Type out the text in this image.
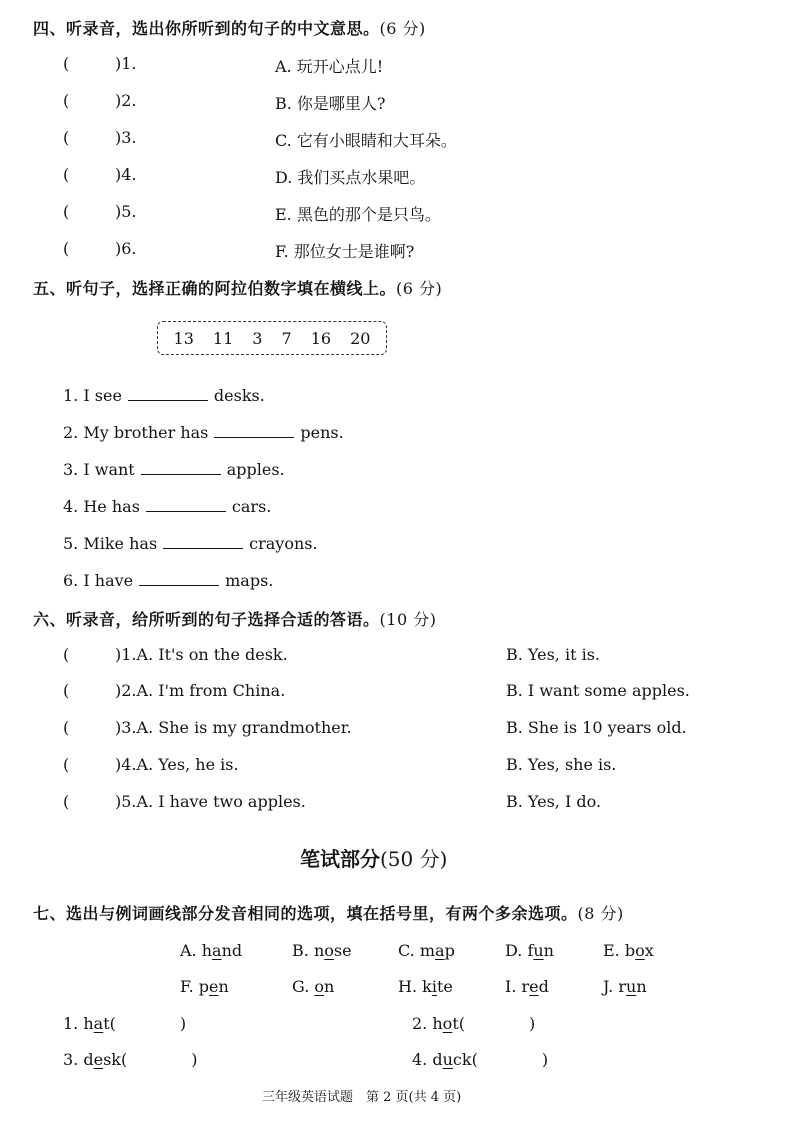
四、听录音，选出你所听到的句子的中文意思。(6 分)
(	)1.	A. 玩开心点儿!
(	)2.	B. 你是哪里人?
(	)3.	C. 它有小眼睛和大耳朵。
(	)4.	D. 我们买点水果吧。
(	)5.	E. 黑色的那个是只鸟。
(	)6.	F. 那位女士是谁啊?
五、听句子，选择正确的阿拉伯数字填在横线上。(6 分)
13 11 3 7 16 20
1. I see	desks.
2. My brother has	pens.
3. I want	apples.
4. He has	cars.
5. Mike has	crayons.
6. I have	maps.
六、听录音，给所听到的句子选择合适的答语。(10 分)
(	)1.A. It's on the desk.	B. Yes, it is.
(	)2.A. I'm from China.	B. I want some apples.
(	)3.A. She is my grandmother.	B. She is 10 years old.
(	)4.A. Yes, he is.	B. Yes, she is.
(	)5.A. I have two apples.	B. Yes, I do.
笔试部分(50 分)
七、选出与例词画线部分发音相同的选项，填在括号里，有两个多余选项。(8 分)
A. hand	B. nose	C. map	D. fun	E. box
F. pen	G. on	H. kite	I. red	J. run
1. hat(	)	2. hot(	)
3. desk(	)	4. duck(	)
三年级英语试题　第 2 页(共 4 页)
